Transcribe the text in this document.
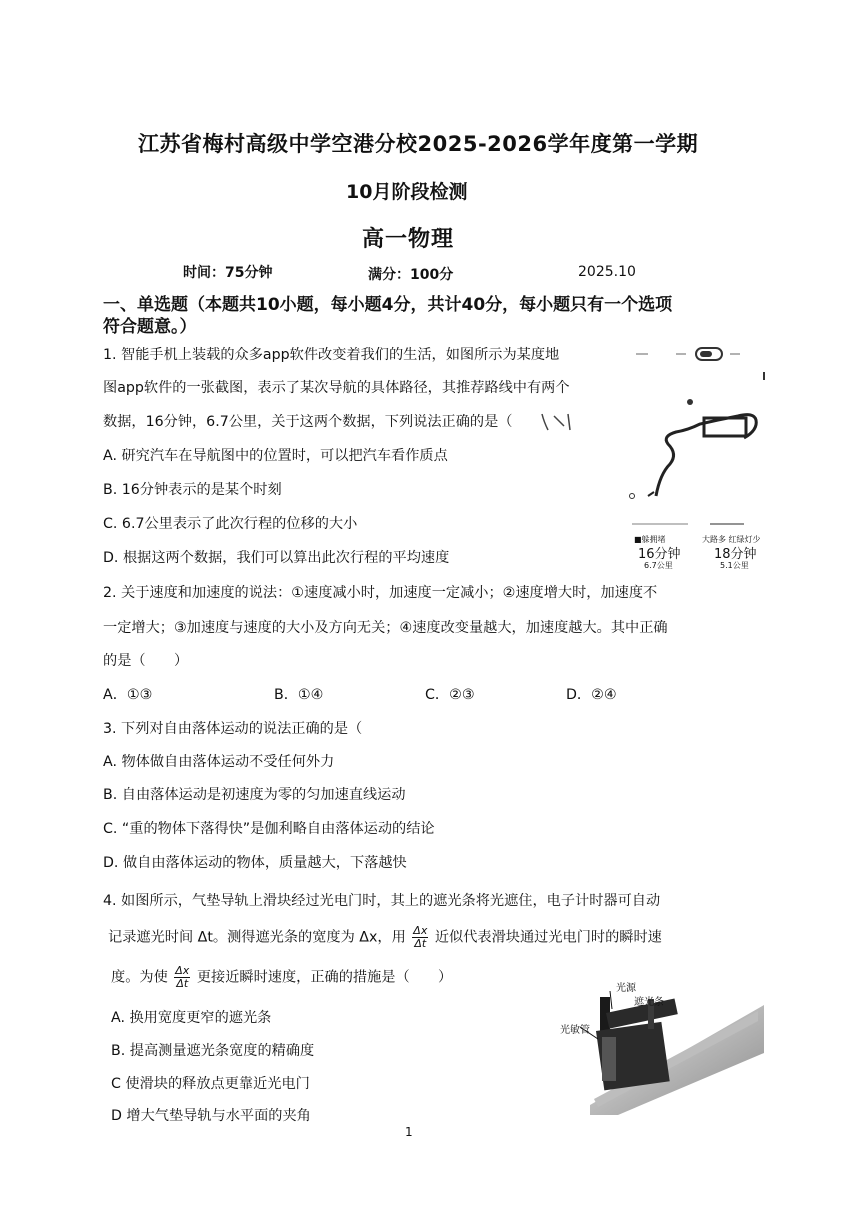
江苏省梅村高级中学空港分校2025-2026学年度第一学期
10月阶段检测
高一物理
时间：75分钟	满分：100分	2025.10
一、单选题（本题共10小题，每小题4分，共计40分，每小题只有一个选项
符合题意。）
1. 智能手机上装载的众多app软件改变着我们的生活，如图所示为某度地
图app软件的一张截图，表示了某次导航的具体路径，其推荐路线中有两个
数据，16分钟，6.7公里，关于这两个数据，下列说法正确的是（
A. 研究汽车在导航图中的位置时，可以把汽车看作质点
B. 16分钟表示的是某个时刻
C. 6.7公里表示了此次行程的位移的大小
D. 根据这两个数据，我们可以算出此次行程的平均速度
■躲拥堵	大路多 红绿灯少
16分钟	18分钟
6.7公里	5.1公里
2. 关于速度和加速度的说法：①速度减小时，加速度一定减小；②速度增大时，加速度不
一定增大；③加速度与速度的大小及方向无关；④速度改变量越大，加速度越大。其中正确
的是（　　）
A．①③	B．①④	C．②③	D．②④
3. 下列对自由落体运动的说法正确的是（
A. 物体做自由落体运动不受任何外力
B. 自由落体运动是初速度为零的匀加速直线运动
C. “重的物体下落得快”是伽利略自由落体运动的结论
D. 做自由落体运动的物体，质量越大，下落越快
4. 如图所示，气垫导轨上滑块经过光电门时，其上的遮光条将光遮住，电子计时器可自动
记录遮光时间 Δt。测得遮光条的宽度为 Δx，用 $\frac{\Delta x}{\Delta t}$ 近似代表滑块通过光电门时的瞬时速
度。为使 $\frac{\Delta x}{\Delta t}$ 更接近瞬时速度，正确的措施是（　　）
A. 换用宽度更窄的遮光条
B. 提高测量遮光条宽度的精确度
C 使滑块的释放点更靠近光电门
D 增大气垫导轨与水平面的夹角
光源
遮光条
光敏管
1
